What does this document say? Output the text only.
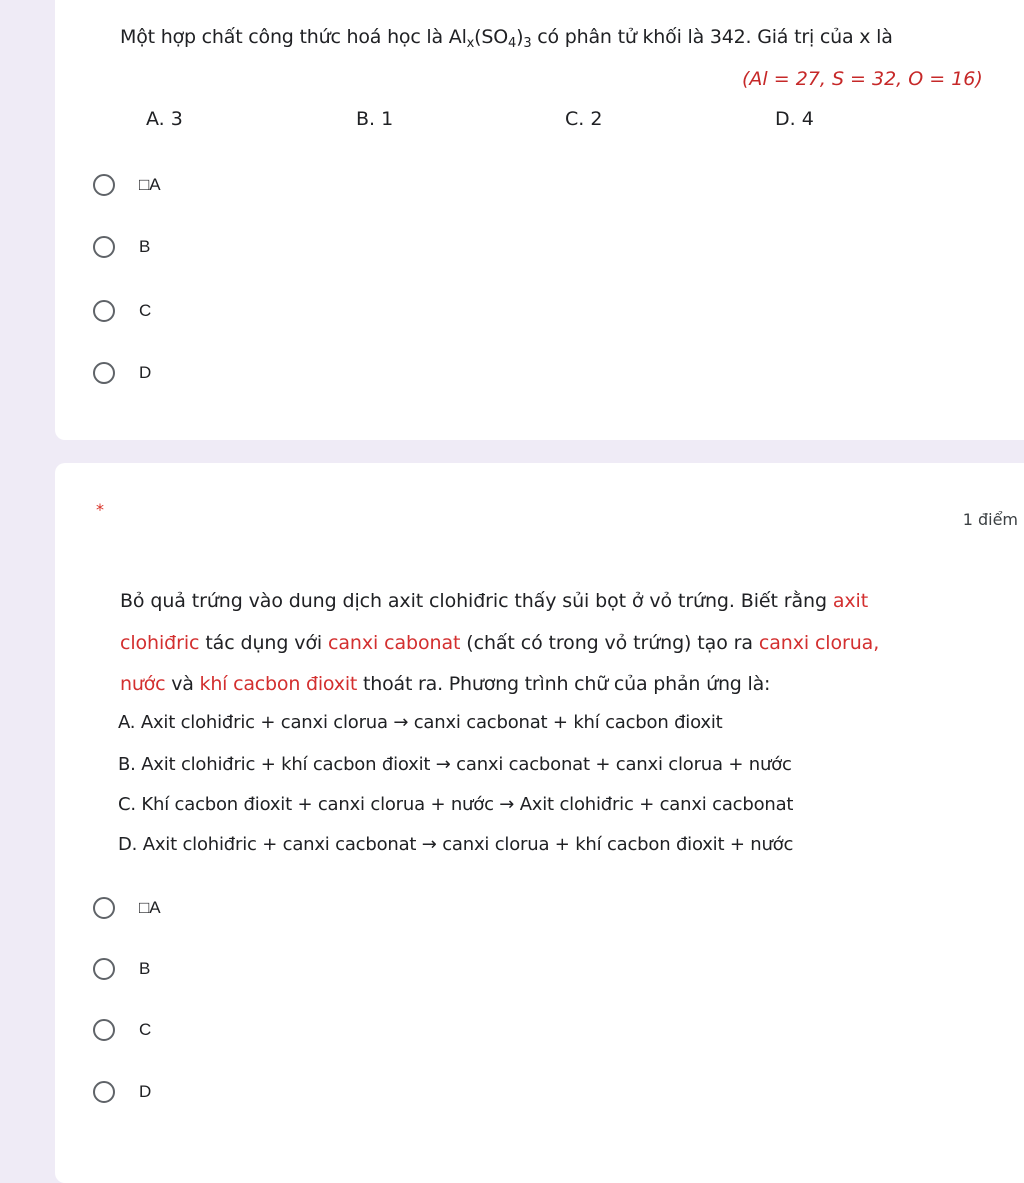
Một hợp chất công thức hoá học là $Al_x(SO_4)_3$ có phân tử khối là 342. Giá trị của x là
(Al = 27, S = 32, O = 16)
A. 3	B. 1	C. 2	D. 4
□A
B
C
D
*
1 điểm
Bỏ quả trứng vào dung dịch axit clohiđric thấy sủi bọt ở vỏ trứng. Biết rằng axit
clohiđric tác dụng với canxi cabonat (chất có trong vỏ trứng) tạo ra canxi clorua,
nước và khí cacbon đioxit thoát ra. Phương trình chữ của phản ứng là:
A. Axit clohiđric + canxi clorua → canxi cacbonat + khí cacbon đioxit
B. Axit clohiđric + khí cacbon đioxit → canxi cacbonat + canxi clorua + nước
C. Khí cacbon đioxit + canxi clorua + nước → Axit clohiđric + canxi cacbonat
D. Axit clohiđric + canxi cacbonat → canxi clorua + khí cacbon đioxit + nước
□A
B
C
D
